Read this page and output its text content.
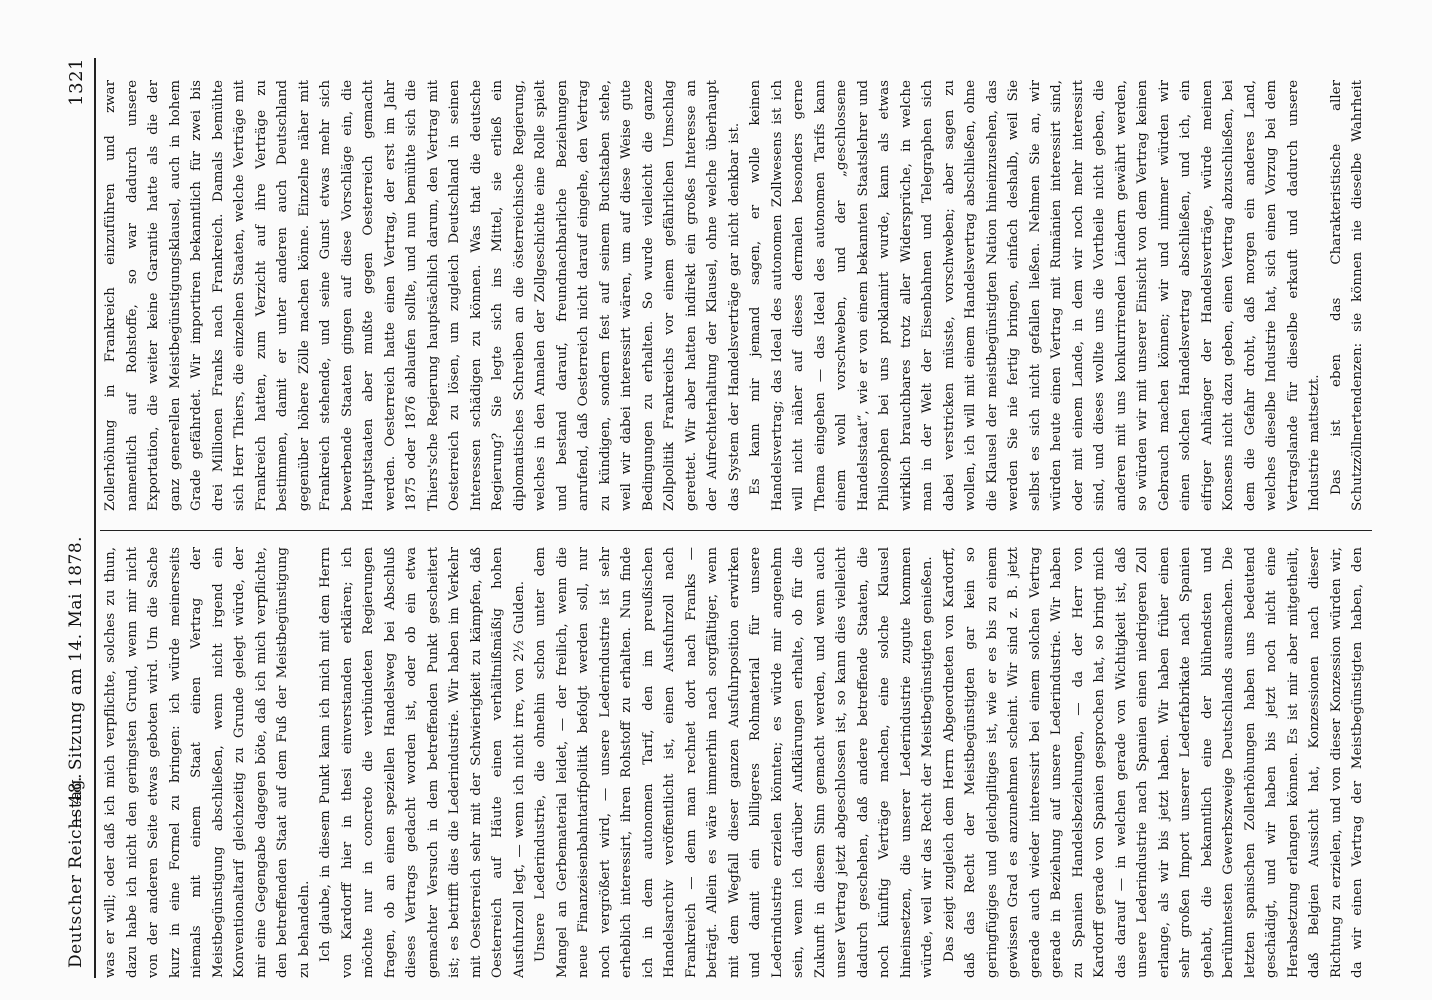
Deutscher Reichstag.
— 48. Sitzung am 14. Mai 1878.
1321

was er will; oder daß ich mich verpflichte, solches zu thun, dazu habe ich nicht den geringsten Grund, wenn mir nicht von der anderen Seite etwas geboten wird. Um die Sache kurz in eine Formel zu bringen: ich würde meinerseits niemals mit einem Staat einen Vertrag der Meistbegünstigung abschließen, wenn nicht irgend ein Konventionaltarif gleichzeitig zu Grunde gelegt würde, der mir eine Gegengabe dagegen böte, daß ich mich verpflichte, den betreffenden Staat auf dem Fuß der Meistbegünstigung zu behandeln. Ich glaube, in diesem Punkt kann ich mich mit dem Herrn von Kardorff hier in thesi einverstanden erklären; ich möchte nur in concreto die verbündeten Regierungen fragen, ob an einen speziellen Handelsweg bei Abschluß dieses Vertrags gedacht worden ist, oder ob ein etwa gemachter Versuch in dem betreffenden Punkt gescheitert ist; es betrifft dies die Lederindustrie. Wir haben im Verkehr mit Oesterreich sehr mit der Schwierigkeit zu kämpfen, daß Oesterreich auf Häute einen verhältnißmäßig hohen Ausfuhrzoll legt, — wenn ich nicht irre, von 2½ Gulden. Unsere Lederindustrie, die ohnehin schon unter dem Mangel an Gerbematerial leidet, — der freilich, wenn die neue Finanzeisenbahntarifpolitik befolgt werden soll, nur noch vergrößert wird, — unsere Lederindustrie ist sehr erheblich interessirt, ihren Rohstoff zu erhalten. Nun finde ich in dem autonomen Tarif, den im preußischen Handelsarchiv veröffentlicht ist, einen Ausfuhrzoll nach Frankreich — denn man rechnet dort nach Franks — beträgt. Allein es wäre immerhin nach sorgfältiger, wenn mit dem Wegfall dieser ganzen Ausfuhrposition erwirken und damit ein billigeres Rohmaterial für unsere Lederindustrie erzielen könnten; es würde mir angenehm sein, wenn ich darüber Aufklärungen erhalte, ob für die Zukunft in diesem Sinn gemacht werden, und wenn auch unser Vertrag jetzt abgeschlossen ist, so kann dies vielleicht dadurch geschehen, daß andere betreffende Staaten, die noch künftig Verträge machen, eine solche Klausel hineinsetzen, die unserer Lederindustrie zugute kommen würde, weil wir das Recht der Meistbegünstigten genießen. Das zeigt zugleich dem Herrn Abgeordneten von Kardorff, daß das Recht der Meistbegünstigten gar kein so geringfügiges und gleichgiltiges ist, wie er es bis zu einem gewissen Grad es anzunehmen scheint. Wir sind z. B. jetzt gerade auch wieder interessirt bei einem solchen Vertrag gerade in Beziehung auf unsere Lederindustrie. Wir haben zu Spanien Handelsbeziehungen, — da der Herr von Kardorff gerade von Spanien gesprochen hat, so bringt mich das darauf — in welchen gerade von Wichtigkeit ist, daß unsere Lederindustrie nach Spanien einen niedrigeren Zoll erlange, als wir bis jetzt haben. Wir haben früher einen sehr großen Import unserer Lederfabrikate nach Spanien gehabt, die bekanntlich eine der blühendsten und berühmtesten Gewerbszweige Deutschlands ausmachen. Die letzten spanischen Zollerhöhungen haben uns bedeutend geschädigt, und wir haben bis jetzt noch nicht eine Herabsetzung erlangen können. Es ist mir aber mitgetheilt, daß Belgien Aussicht hat, Konzessionen nach dieser Richtung zu erzielen, und von dieser Konzession würden wir, da wir einen Vertrag der Meistbegünstigten haben, den

Zollerhöhung in Frankreich einzuführen und zwar namentlich auf Rohstoffe, so war dadurch unsere Exportation, die weiter keine Garantie hatte als die der ganz generellen Meistbegünstigungsklausel, auch in hohem Grade gefährdet. Wir importiren bekanntlich für zwei bis drei Millionen Franks nach Frankreich. Damals bemühte sich Herr Thiers, die einzelnen Staaten, welche Verträge mit Frankreich hatten, zum Verzicht auf ihre Verträge zu bestimmen, damit er unter anderen auch Deutschland gegenüber höhere Zölle machen könne. Einzelne näher mit Frankreich stehende, und seine Gunst etwas mehr sich bewerbende Staaten gingen auf diese Vorschläge ein, die Hauptstaaten aber mußte gegen Oesterreich gemacht werden. Oesterreich hatte einen Vertrag, der erst im Jahr 1875 oder 1876 ablaufen sollte, und nun bemühte sich die Thiers'sche Regierung hauptsächlich darum, den Vertrag mit Oesterreich zu lösen, um zugleich Deutschland in seinen Interessen schädigen zu können. Was that die deutsche Regierung? Sie legte sich ins Mittel, sie erließ ein diplomatisches Schreiben an die österreichische Regierung, welches in den Annalen der Zollgeschichte eine Rolle spielt und bestand darauf, freundnachbarliche Beziehungen anrufend, daß Oesterreich nicht darauf eingehe, den Vertrag zu kündigen, sondern fest auf seinem Buchstaben stehe, weil wir dabei interessirt wären, um auf diese Weise gute Bedingungen zu erhalten. So wurde vielleicht die ganze Zollpolitik Frankreichs vor einem gefährlichen Umschlag gerettet. Wir aber hatten indirekt ein großes Interesse an der Aufrechterhaltung der Klausel, ohne welche überhaupt das System der Handelsverträge gar nicht denkbar ist. Es kann mir jemand sagen, er wolle keinen Handelsvertrag; das Ideal des autonomen Zollwesens ist ich will nicht näher auf dieses dermalen besonders gerne Thema eingehen — das Ideal des autonomen Tarifs kann einem wohl vorschweben, und der „geschlossene Handelsstaat“, wie er von einem bekannten Staatslehrer und Philosophen bei uns proklamirt wurde, kann als etwas wirklich brauchbares trotz aller Widersprüche, in welche man in der Welt der Eisenbahnen und Telegraphen sich dabei verstricken müsste, vorschweben; aber sagen zu wollen, ich will mit einem Handelsvertrag abschließen, ohne die Klausel der meistbegünstigten Nation hineinzusehen, das werden Sie nie fertig bringen, einfach deshalb, weil Sie selbst es sich nicht gefallen ließen. Nehmen Sie an, wir würden heute einen Vertrag mit Rumänien interessirt sind, oder mit einem Lande, in dem wir noch mehr interessirt sind, und dieses wollte uns die Vortheile nicht geben, die anderen mit uns konkurrirenden Ländern gewährt werden, so würden wir mit unserer Einsicht von dem Vertrag keinen Gebrauch machen können; wir und nimmer würden wir einen solchen Handelsvertrag abschließen, und ich, ein eifriger Anhänger der Handelsverträge, würde meinen Konsens nicht dazu geben, einen Vertrag abzuschließen, bei dem die Gefahr droht, daß morgen ein anderes Land, welches dieselbe Industrie hat, sich einen Vorzug bei dem Vertragslande für dieselbe erkauft und dadurch unsere Industrie mattsetzt. Das ist eben das Charakteristische aller Schutzzöllnertendenzen: sie können nie dieselbe Wahrheit
